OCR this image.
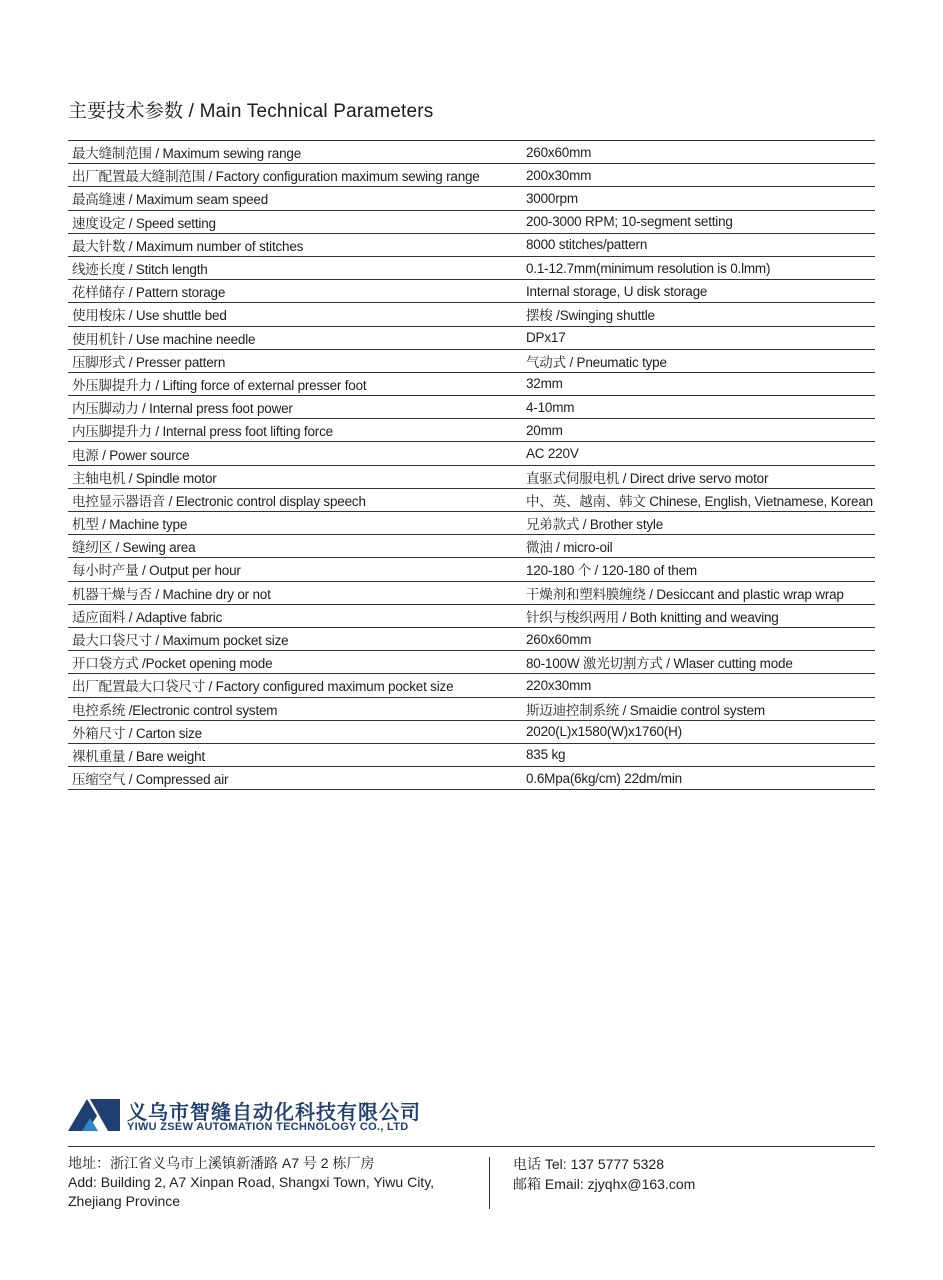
主要技术参数 / Main Technical Parameters
最大缝制范围 / Maximum sewing range	260x60mm
出厂配置最大缝制范围 / Factory configuration maximum sewing range	200x30mm
最高缝速 / Maximum seam speed	3000rpm
速度设定 / Speed setting	200-3000 RPM; 10-segment setting
最大针数 / Maximum number of stitches	8000 stitches/pattern
线迹长度 / Stitch length	0.1-12.7mm(minimum resolution is 0.lmm)
花样储存 / Pattern storage	Internal storage, U disk storage
使用梭床 / Use shuttle bed	摆梭 /Swinging shuttle
使用机针 / Use machine needle	DPx17
压脚形式 / Presser pattern	气动式 / Pneumatic type
外压脚提升力 / Lifting force of external presser foot	32mm
内压脚动力 / Internal press foot power	4-10mm
内压脚提升力 / Internal press foot lifting force	20mm
电源 / Power source	AC 220V
主轴电机 / Spindle motor	直驱式伺服电机 / Direct drive servo motor
电控显示器语音 / Electronic control display speech	中、英、越南、韩文 Chinese, English, Vietnamese, Korean
机型 / Machine type	兄弟款式 / Brother style
缝纫区 / Sewing area	微油 / micro-oil
每小时产量 / Output per hour	120-180 个 / 120-180 of them
机器干燥与否 / Machine dry or not	干燥剂和塑料膜缠绕 / Desiccant and plastic wrap wrap
适应面料 / Adaptive fabric	针织与梭织两用 / Both knitting and weaving
最大口袋尺寸 / Maximum pocket size	260x60mm
开口袋方式 /Pocket opening mode	80-100W 激光切割方式 / Wlaser cutting mode
出厂配置最大口袋尺寸 / Factory configured maximum pocket size	220x30mm
电控系统 /Electronic control system	斯迈迪控制系统 / Smaidie control system
外箱尺寸 / Carton size	2020(L)x1580(W)x1760(H)
裸机重量 / Bare weight	835 kg
压缩空气 / Compressed air	0.6Mpa(6kg/cm) 22dm/min
义乌市智缝自动化科技有限公司
YIWU ZSEW AUTOMATION TECHNOLOGY CO., LTD
地址：浙江省义乌市上溪镇新潘路 A7 号 2 栋厂房
Add: Building 2, A7 Xinpan Road, Shangxi Town, Yiwu City,
Zhejiang Province
电话 Tel: 137 5777 5328
邮箱 Email: zjyqhx@163.com
